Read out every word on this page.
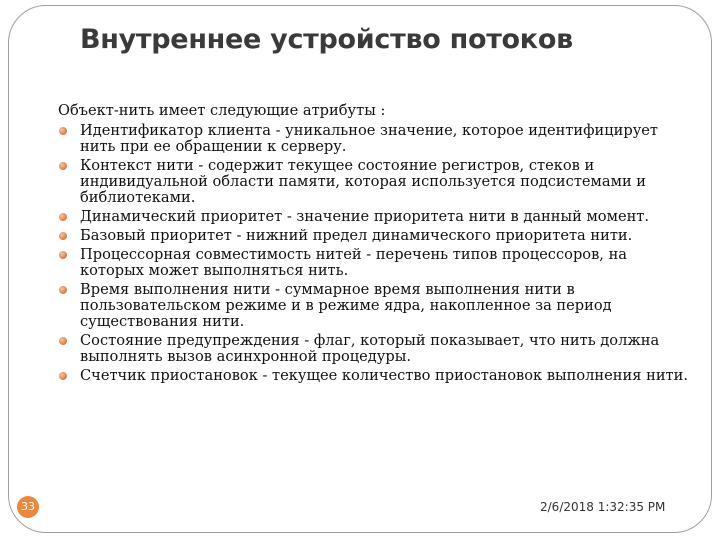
Внутреннее устройство потоков

Объект-нить имеет следующие атрибуты :

Идентификатор клиента - уникальное значение, которое идентифицирует нить при ее обращении к серверу.
Контекст нити - содержит текущее состояние регистров, стеков и индивидуальной области памяти, которая используется подсистемами и библиотеками.
Динамический приоритет - значение приоритета нити в данный момент.
Базовый приоритет - нижний предел динамического приоритета нити.
Процессорная совместимость нитей - перечень типов процессоров, на которых может выполняться нить.
Время выполнения нити - суммарное время выполнения нити в пользовательском режиме и в режиме ядра, накопленное за период существования нити.
Состояние предупреждения - флаг, который показывает, что нить должна выполнять вызов асинхронной процедуры.
Счетчик приостановок - текущее количество приостановок выполнения нити.
33	2/6/2018 1:32:35 PM
